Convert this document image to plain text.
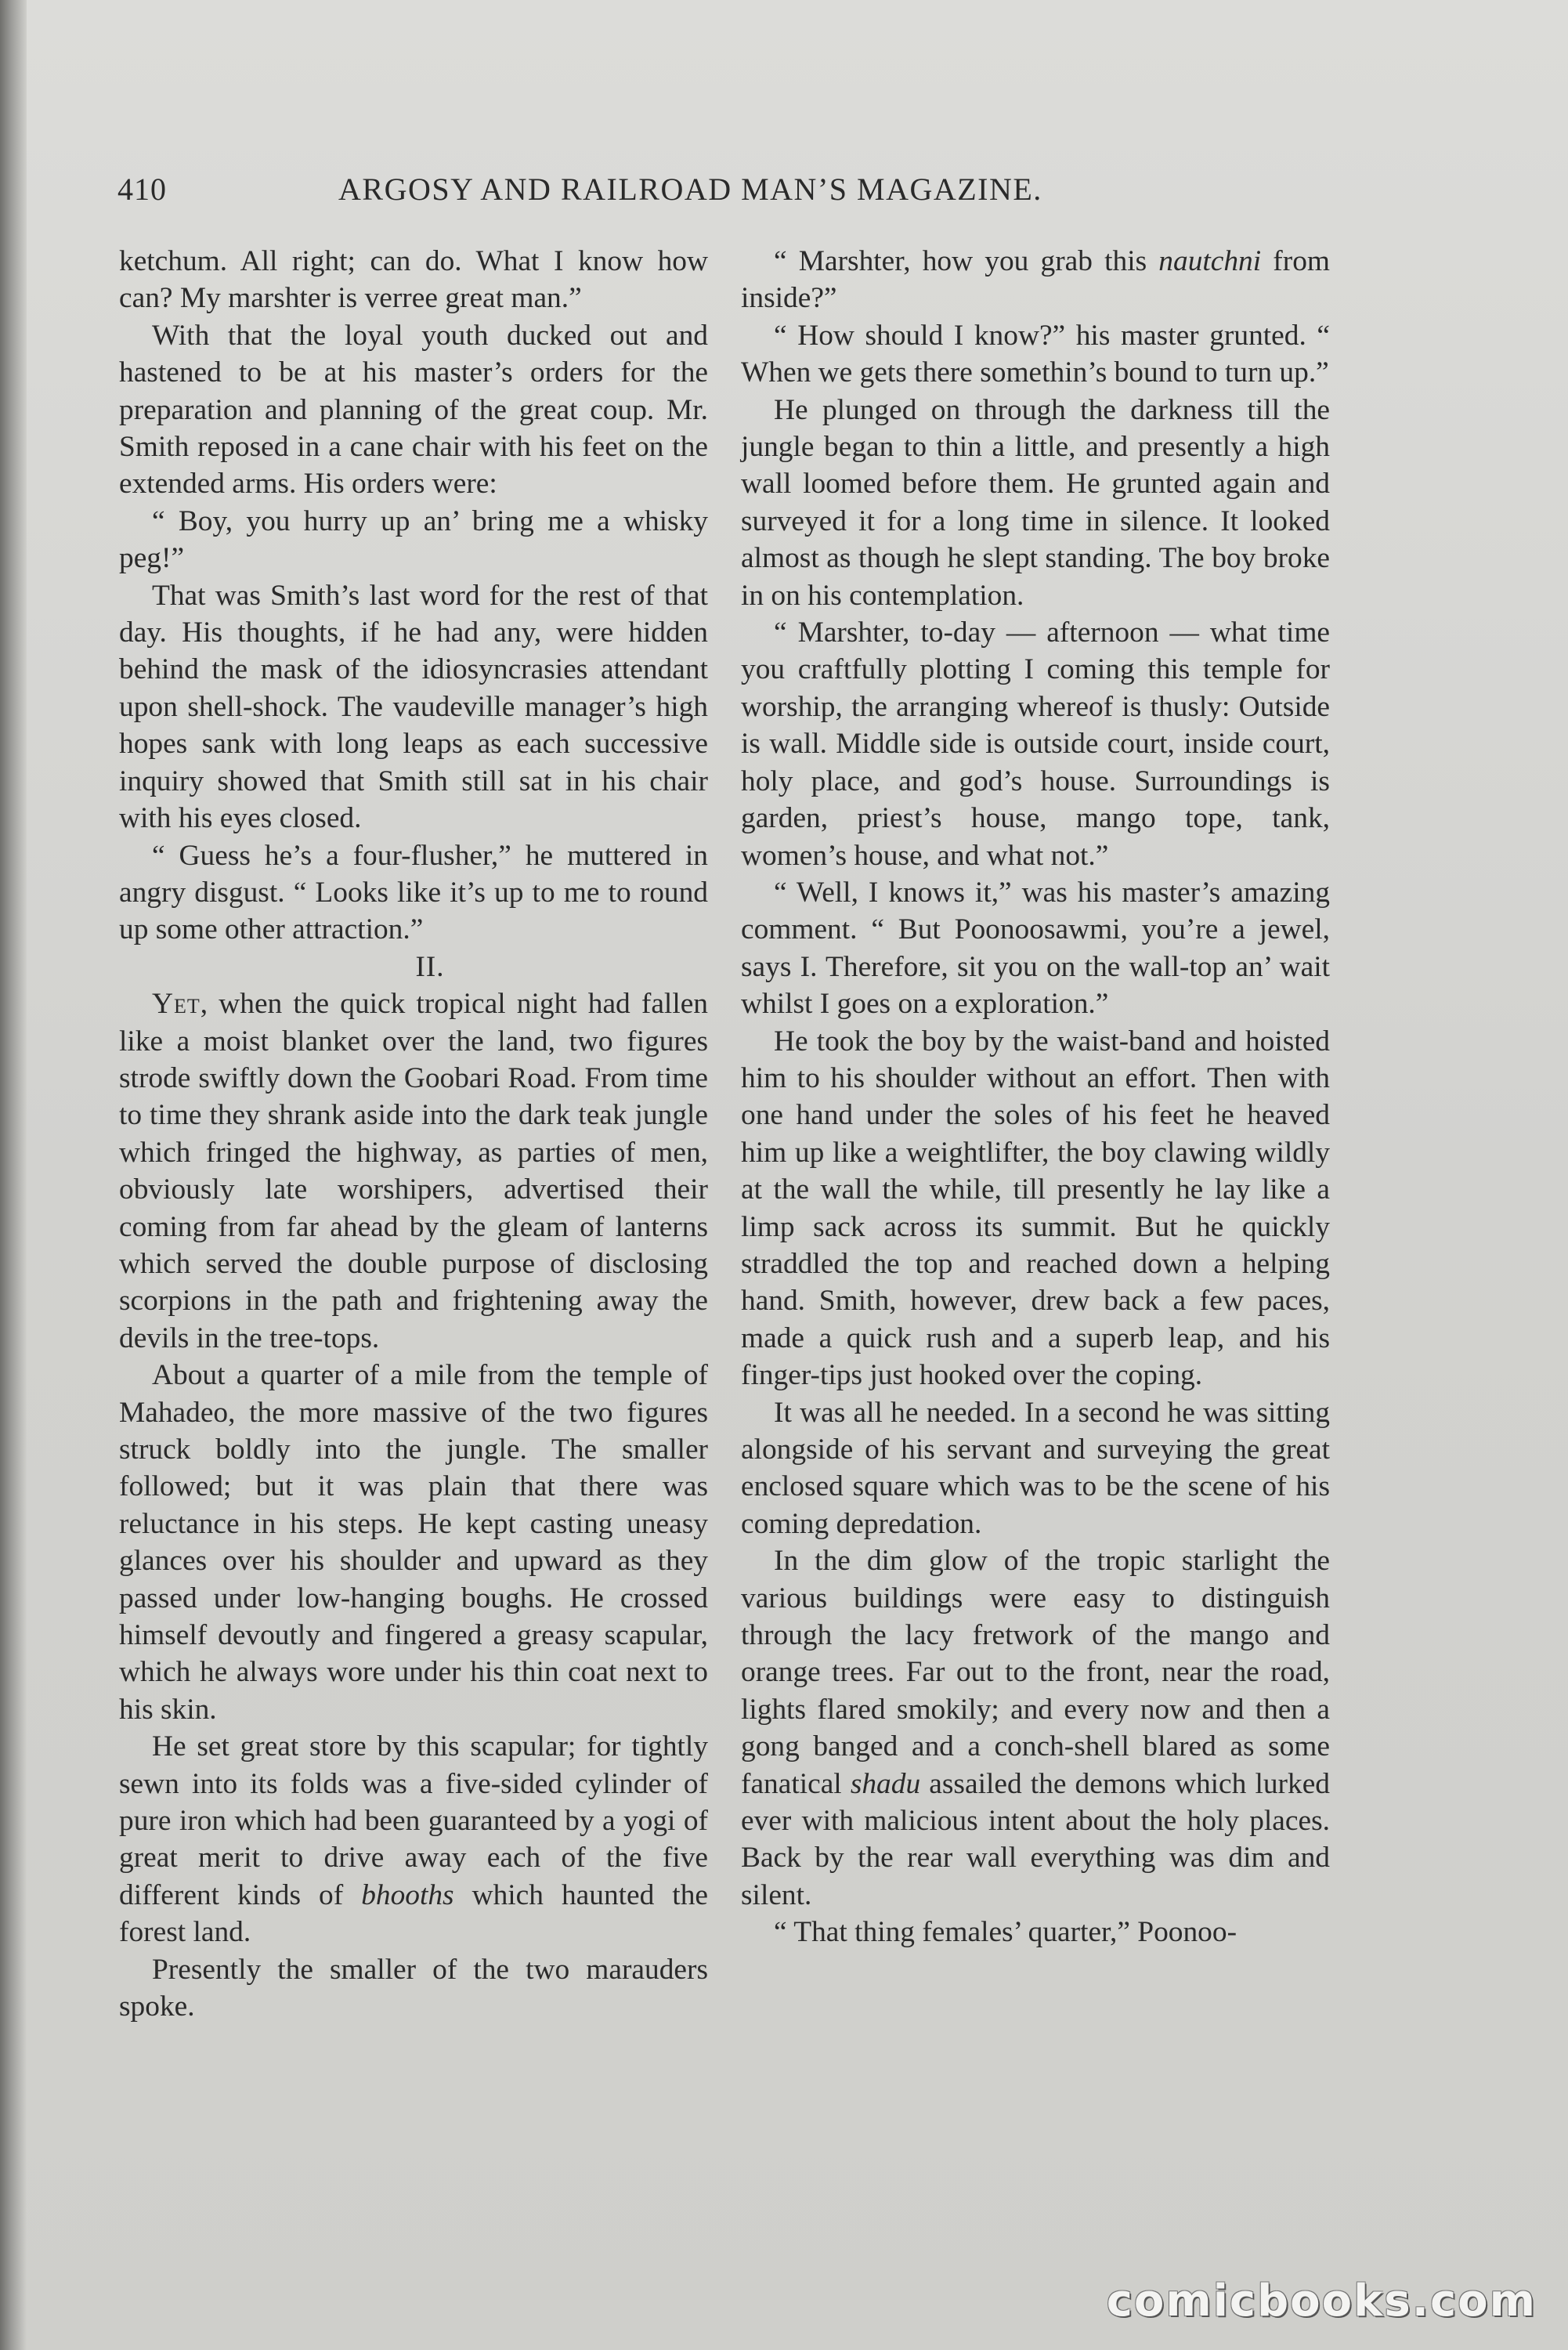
410	ARGOSY AND RAILROAD MAN’S MAGAZINE.

ketchum. All right; can do. What I know how can? My marshter is verree great man.”

With that the loyal youth ducked out and hastened to be at his master’s orders for the preparation and planning of the great coup. Mr. Smith reposed in a cane chair with his feet on the extended arms. His orders were:

“ Boy, you hurry up an’ bring me a whisky peg!”

That was Smith’s last word for the rest of that day. His thoughts, if he had any, were hidden behind the mask of the idiosyncrasies attendant upon shell-shock. The vaudeville manager’s high hopes sank with long leaps as each successive inquiry showed that Smith still sat in his chair with his eyes closed.

“ Guess he’s a four-flusher,” he muttered in angry disgust. “ Looks like it’s up to me to round up some other attraction.”

II.

Yet, when the quick tropical night had fallen like a moist blanket over the land, two figures strode swiftly down the Goobari Road. From time to time they shrank aside into the dark teak jungle which fringed the highway, as parties of men, obviously late worshipers, advertised their coming from far ahead by the gleam of lanterns which served the double purpose of disclosing scorpions in the path and frightening away the devils in the tree-tops.

About a quarter of a mile from the temple of Mahadeo, the more massive of the two figures struck boldly into the jungle. The smaller followed; but it was plain that there was reluctance in his steps. He kept casting uneasy glances over his shoulder and upward as they passed under low-hanging boughs. He crossed himself devoutly and fingered a greasy scapular, which he always wore under his thin coat next to his skin.

He set great store by this scapular; for tightly sewn into its folds was a five-sided cylinder of pure iron which had been guaranteed by a yogi of great merit to drive away each of the five different kinds of bhooths which haunted the forest land.

Presently the smaller of the two marauders spoke.

“ Marshter, how you grab this nautchni from inside?”

“ How should I know?” his master grunted. “ When we gets there somethin’s bound to turn up.”

He plunged on through the darkness till the jungle began to thin a little, and presently a high wall loomed before them. He grunted again and surveyed it for a long time in silence. It looked almost as though he slept standing. The boy broke in on his contemplation.

“ Marshter, to-day — afternoon — what time you craftfully plotting I coming this temple for worship, the arranging whereof is thusly: Outside is wall. Middle side is outside court, inside court, holy place, and god’s house. Surroundings is garden, priest’s house, mango tope, tank, women’s house, and what not.”

“ Well, I knows it,” was his master’s amazing comment. “ But Poonoosawmi, you’re a jewel, says I. Therefore, sit you on the wall-top an’ wait whilst I goes on a exploration.”

He took the boy by the waist-band and hoisted him to his shoulder without an effort. Then with one hand under the soles of his feet he heaved him up like a weightlifter, the boy clawing wildly at the wall the while, till presently he lay like a limp sack across its summit. But he quickly straddled the top and reached down a helping hand. Smith, however, drew back a few paces, made a quick rush and a superb leap, and his finger-tips just hooked over the coping.

It was all he needed. In a second he was sitting alongside of his servant and surveying the great enclosed square which was to be the scene of his coming depredation.

In the dim glow of the tropic starlight the various buildings were easy to distinguish through the lacy fretwork of the mango and orange trees. Far out to the front, near the road, lights flared smokily; and every now and then a gong banged and a conch-shell blared as some fanatical shadu assailed the demons which lurked ever with malicious intent about the holy places. Back by the rear wall everything was dim and silent.

“ That thing females’ quarter,” Poonoo-

comicbooks.com
